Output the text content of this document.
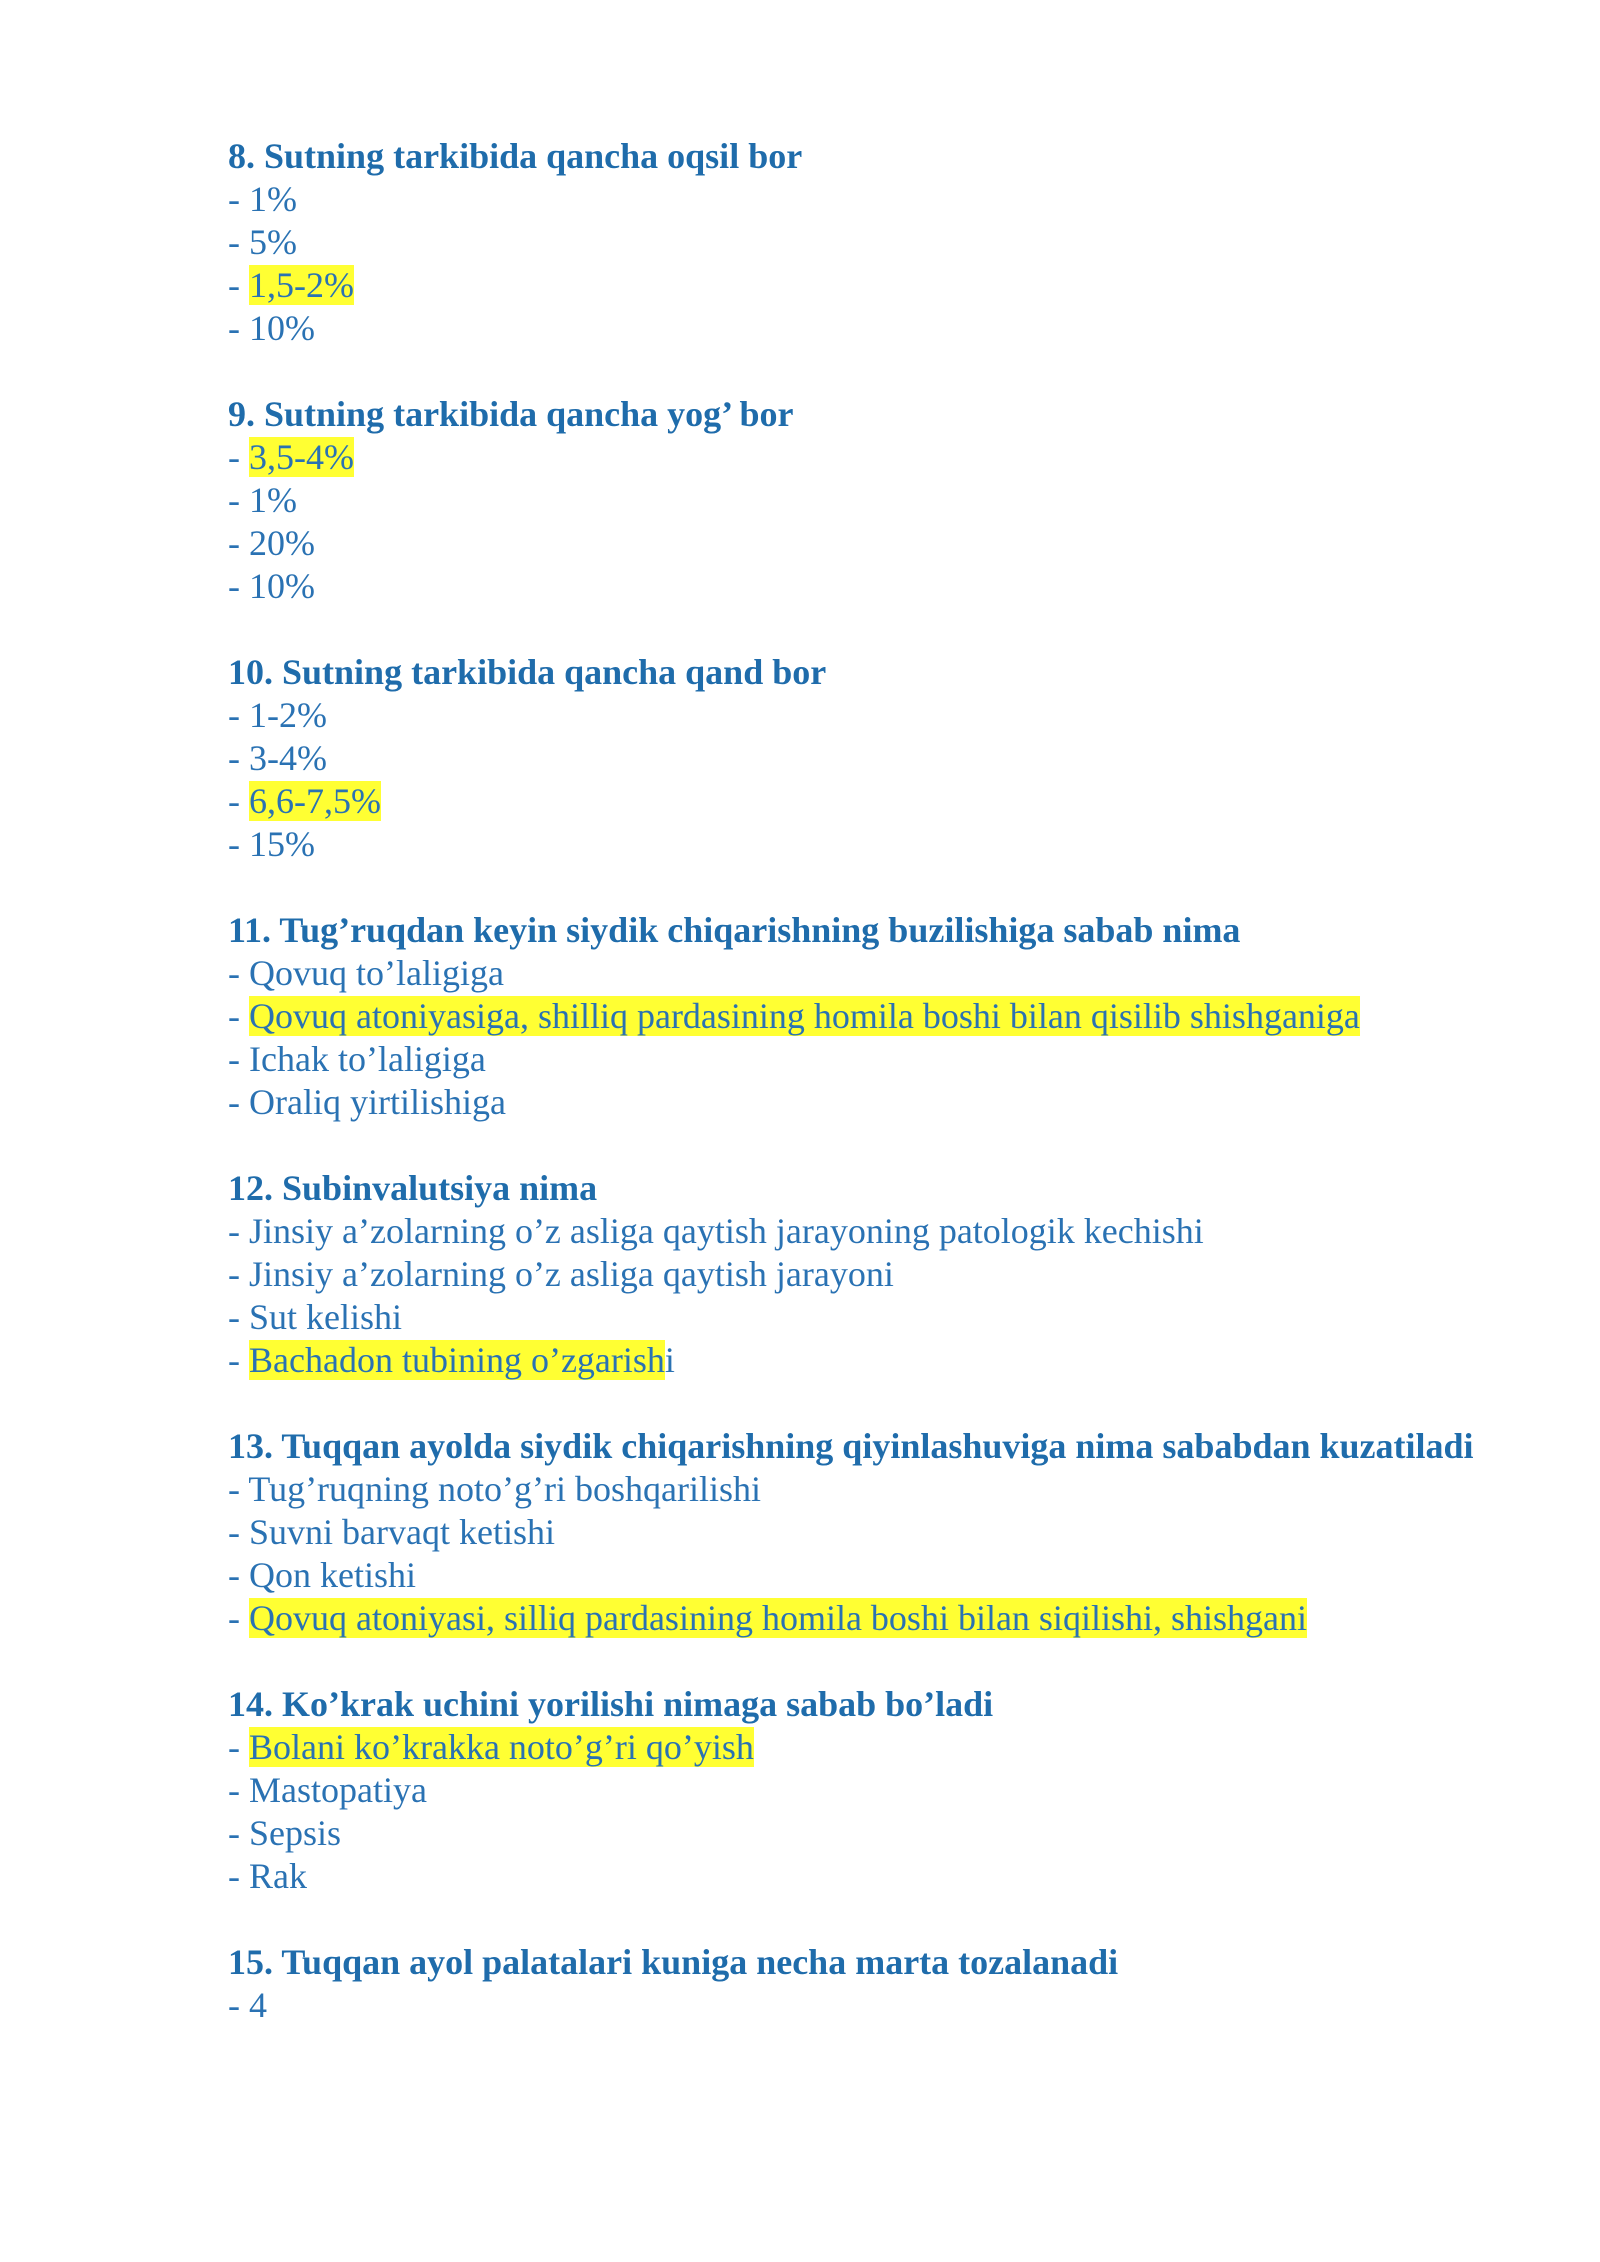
8. Sutning tarkibida qancha oqsil bor
- 1%
- 5%
- 1,5-2%
- 10%
9. Sutning tarkibida qancha yog’ bor
- 3,5-4%
- 1%
- 20%
- 10%
10. Sutning tarkibida qancha qand bor
- 1-2%
- 3-4%
- 6,6-7,5%
- 15%
11. Tug’ruqdan keyin siydik chiqarishning buzilishiga sabab nima
- Qovuq to’laligiga
- Qovuq atoniyasiga, shilliq pardasining homila boshi bilan qisilib shishganiga
- Ichak to’laligiga
- Oraliq yirtilishiga
12. Subinvalutsiya nima
- Jinsiy a’zolarning o’z asliga qaytish jarayoning patologik kechishi
- Jinsiy a’zolarning o’z asliga qaytish jarayoni
- Sut kelishi
- Bachadon tubining o’zgarishi
13. Tuqqan ayolda siydik chiqarishning qiyinlashuviga nima sababdan kuzatiladi
- Tug’ruqning noto’g’ri boshqarilishi
- Suvni barvaqt ketishi
- Qon ketishi
- Qovuq atoniyasi, silliq pardasining homila boshi bilan siqilishi, shishgani
14. Ko’krak uchini yorilishi nimaga sabab bo’ladi
- Bolani ko’krakka noto’g’ri qo’yish
- Mastopatiya
- Sepsis
- Rak
15. Tuqqan ayol palatalari kuniga necha marta tozalanadi
- 4
